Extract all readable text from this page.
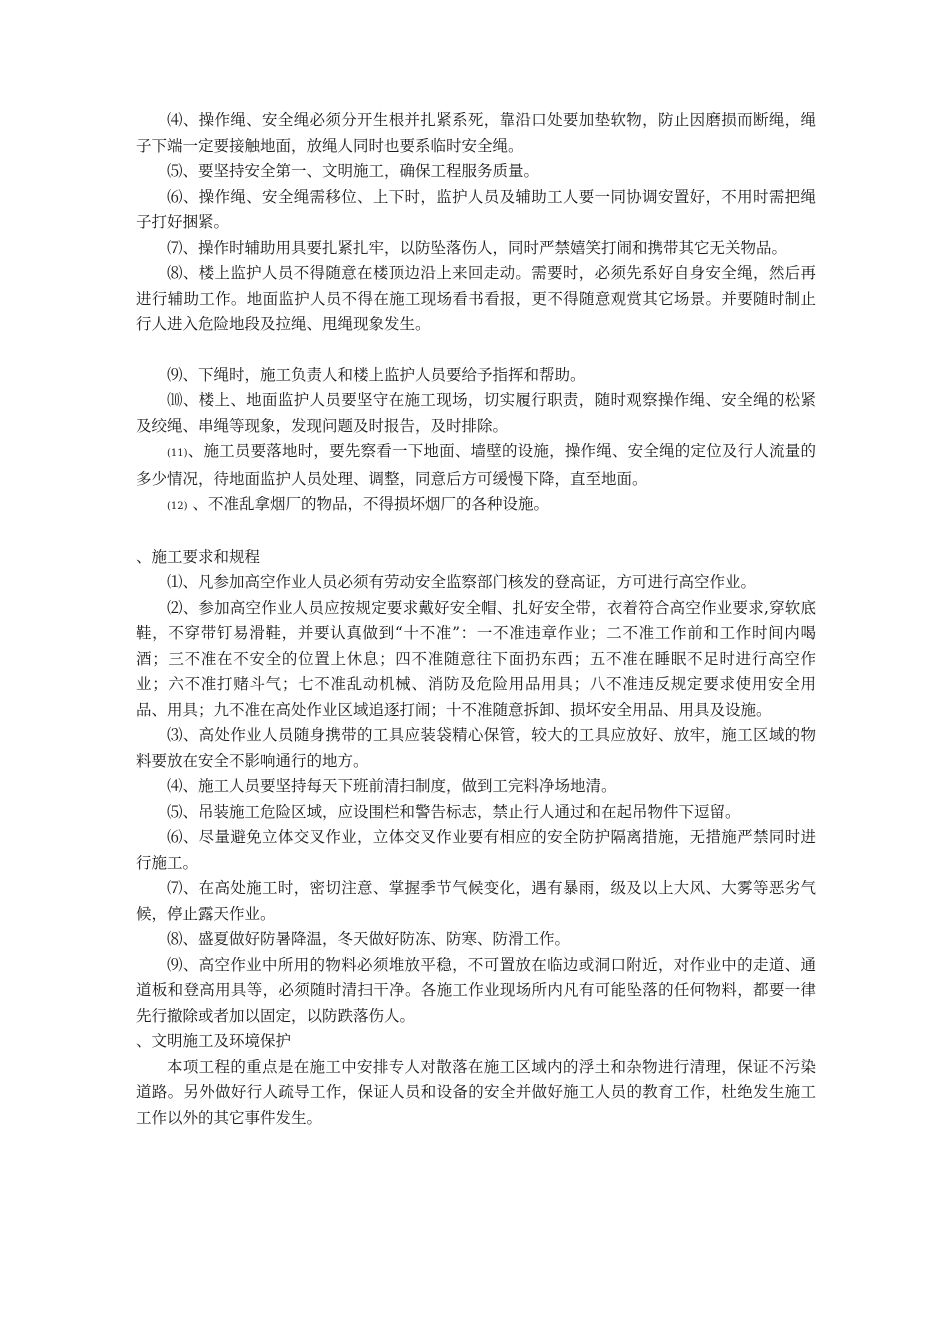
⑷、操作绳、安全绳必须分开生根并扎紧系死，靠沿口处要加垫软物，防止因磨损而断绳，绳子下端一定要接触地面，放绳人同时也要系临时安全绳。

⑸、要坚持安全第一、文明施工，确保工程服务质量。

⑹、操作绳、安全绳需移位、上下时，监护人员及辅助工人要一同协调安置好，不用时需把绳子打好捆紧。

⑺、操作时辅助用具要扎紧扎牢，以防坠落伤人，同时严禁嬉笑打闹和携带其它无关物品。

⑻、楼上监护人员不得随意在楼顶边沿上来回走动。需要时，必须先系好自身安全绳，然后再进行辅助工作。地面监护人员不得在施工现场看书看报，更不得随意观赏其它场景。并要随时制止行人进入危险地段及拉绳、甩绳现象发生。

⑼、下绳时，施工负责人和楼上监护人员要给予指挥和帮助。

⑽、楼上、地面监护人员要坚守在施工现场，切实履行职责，随时观察操作绳、安全绳的松紧及绞绳、串绳等现象，发现问题及时报告，及时排除。

(11)、施工员要落地时，要先察看一下地面、墙壁的设施，操作绳、安全绳的定位及行人流量的多少情况，待地面监护人员处理、调整，同意后方可缓慢下降，直至地面。

(12) 、不准乱拿烟厂的物品，不得损坏烟厂的各种设施。

、施工要求和规程

⑴、凡参加高空作业人员必须有劳动安全监察部门核发的登高证，方可进行高空作业。

⑵、参加高空作业人员应按规定要求戴好安全帽、扎好安全带，衣着符合高空作业要求,穿软底鞋，不穿带钉易滑鞋，并要认真做到“十不准”：一不准违章作业；二不准工作前和工作时间内喝酒；三不准在不安全的位置上休息；四不准随意往下面扔东西；五不准在睡眠不足时进行高空作业；六不准打赌斗气；七不准乱动机械、消防及危险用品用具；八不准违反规定要求使用安全用品、用具；九不准在高处作业区域追逐打闹；十不准随意拆卸、损坏安全用品、用具及设施。

⑶、高处作业人员随身携带的工具应装袋精心保管，较大的工具应放好、放牢，施工区域的物料要放在安全不影响通行的地方。

⑷、施工人员要坚持每天下班前清扫制度，做到工完料净场地清。

⑸、吊装施工危险区域，应设围栏和警告标志，禁止行人通过和在起吊物件下逗留。

⑹、尽量避免立体交叉作业，立体交叉作业要有相应的安全防护隔离措施，无措施严禁同时进行施工。

⑺、在高处施工时，密切注意、掌握季节气候变化，遇有暴雨，级及以上大风、大雾等恶劣气候，停止露天作业。

⑻、盛夏做好防暑降温，冬天做好防冻、防寒、防滑工作。

⑼、高空作业中所用的物料必须堆放平稳，不可置放在临边或洞口附近，对作业中的走道、通道板和登高用具等，必须随时清扫干净。各施工作业现场所内凡有可能坠落的任何物料，都要一律先行撤除或者加以固定，以防跌落伤人。

、文明施工及环境保护

本项工程的重点是在施工中安排专人对散落在施工区域内的浮土和杂物进行清理，保证不污染道路。另外做好行人疏导工作，保证人员和设备的安全并做好施工人员的教育工作，杜绝发生施工工作以外的其它事件发生。
